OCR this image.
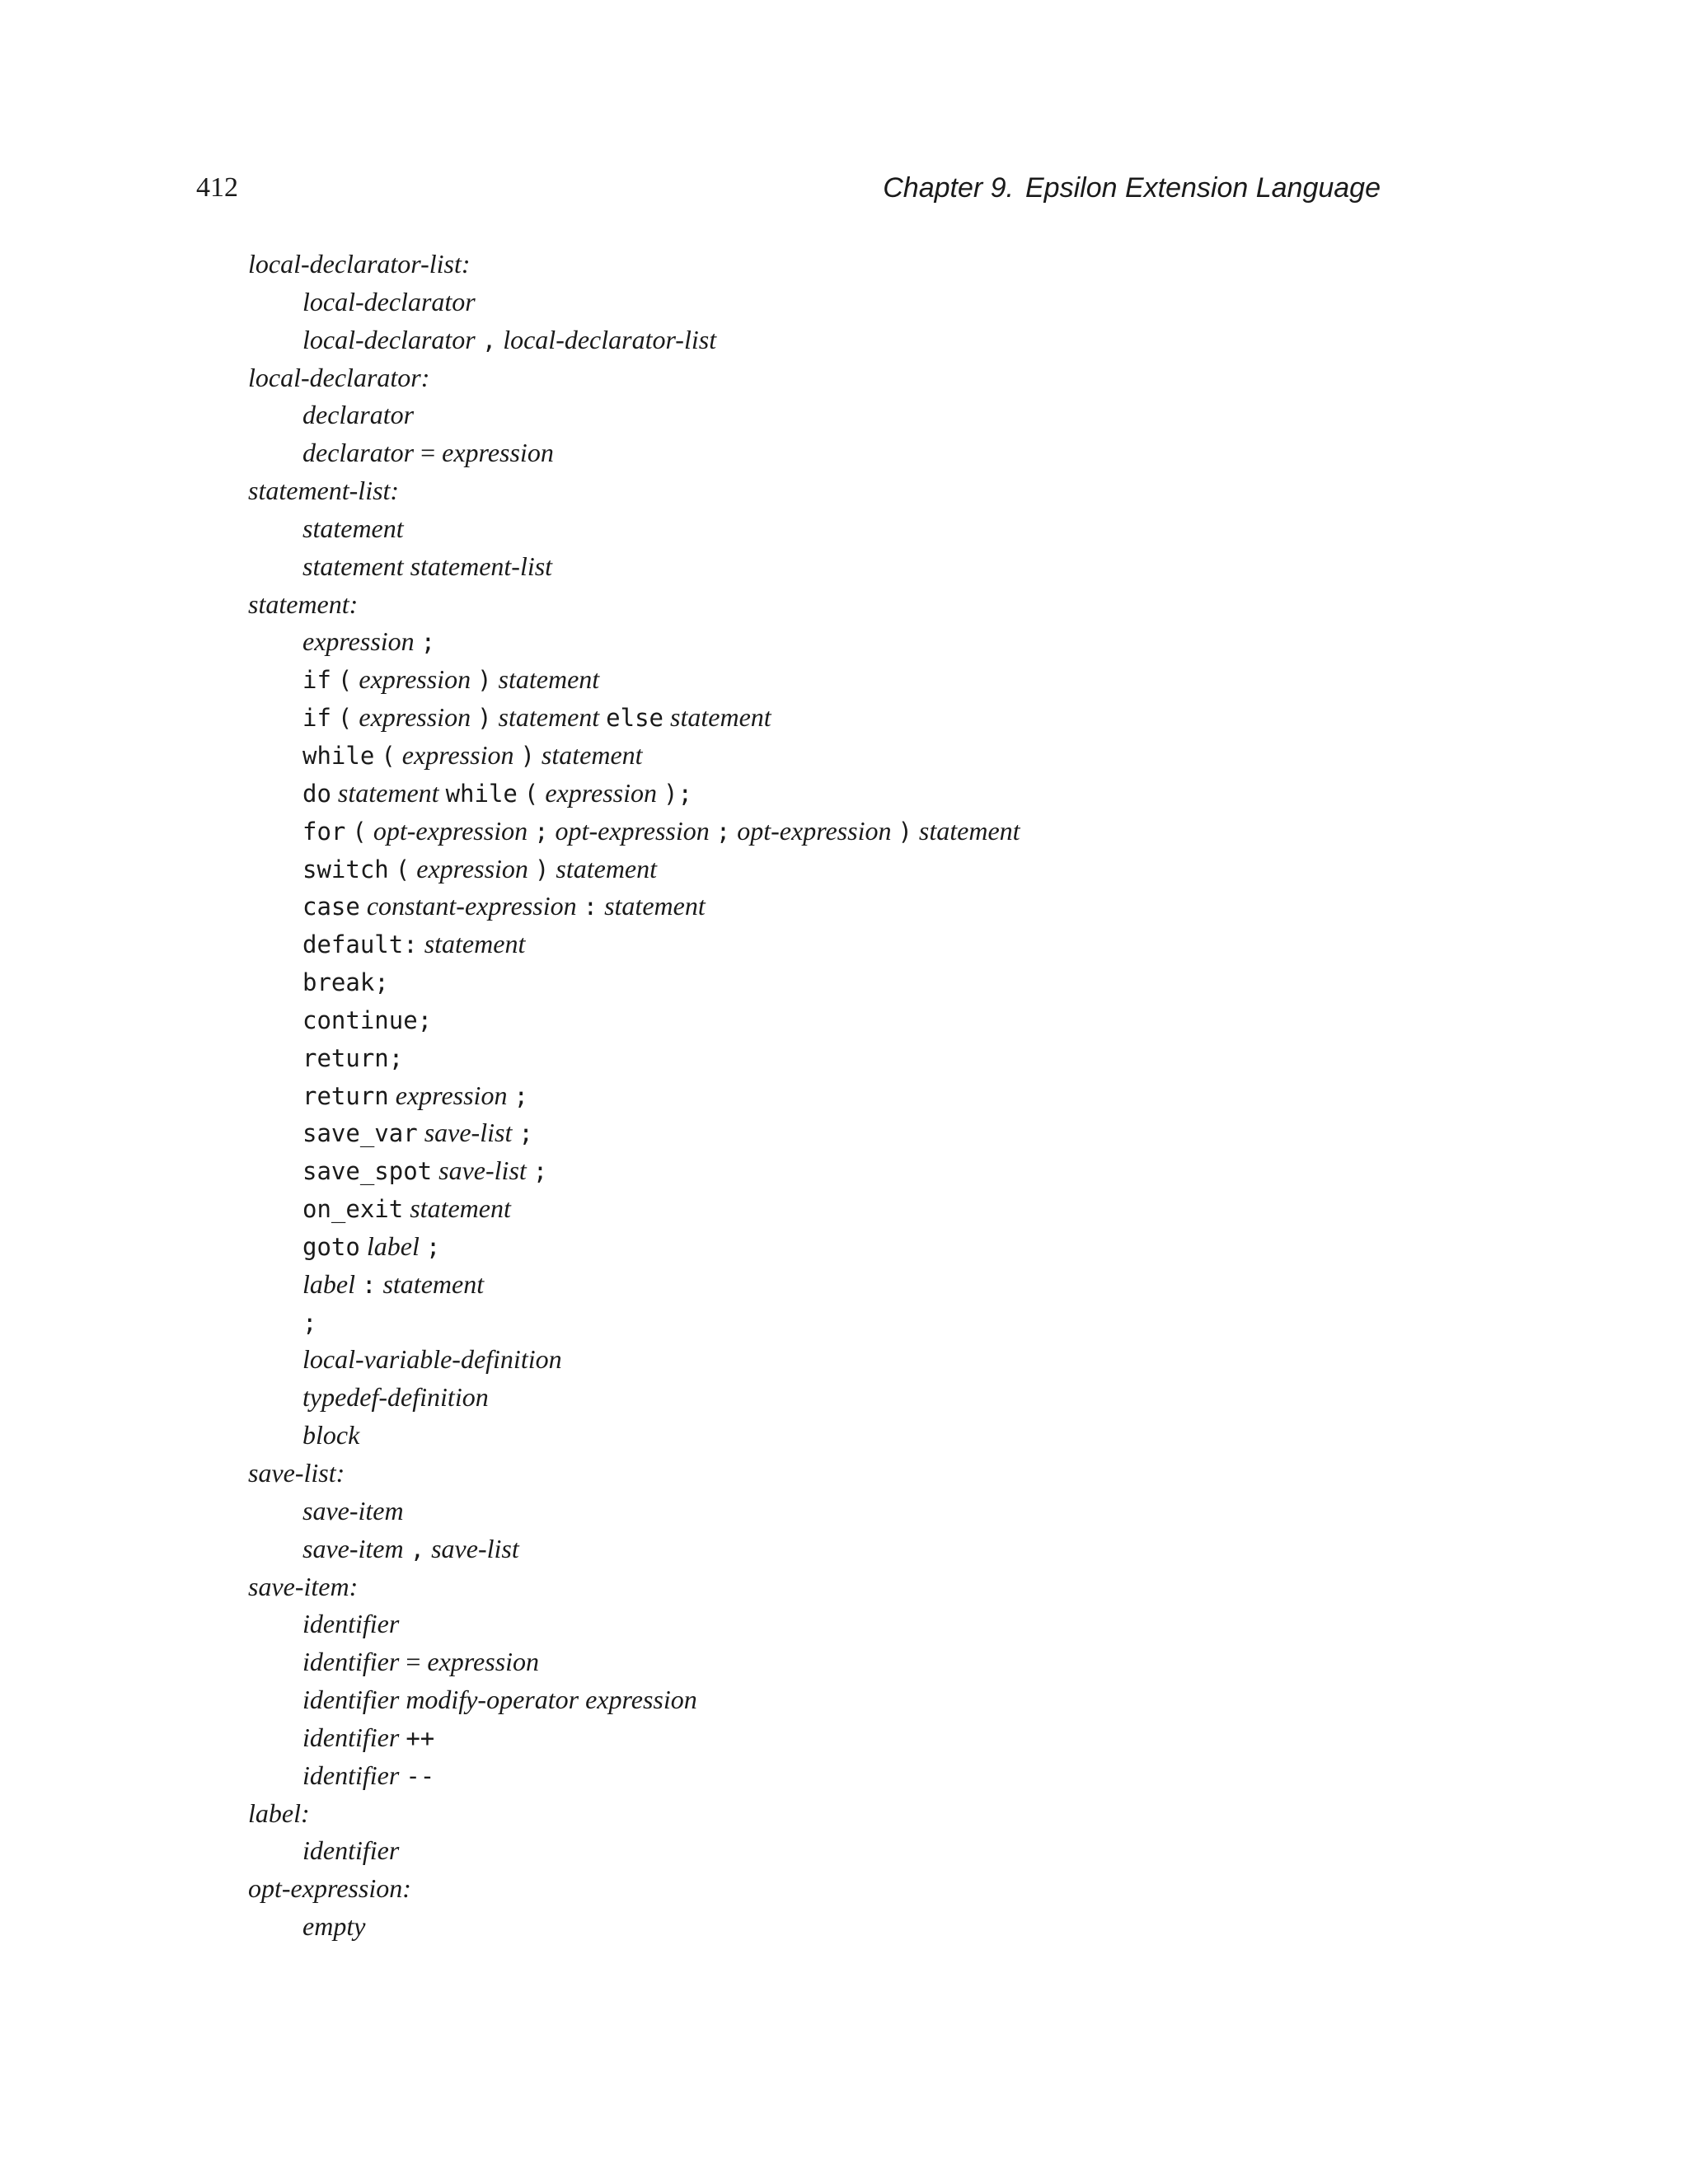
412	Chapter 9. Epsilon Extension Language
local-declarator-list:
local-declarator
local-declarator , local-declarator-list
local-declarator:
declarator
declarator = expression
statement-list:
statement
statement statement-list
statement:
expression ;
if ( expression ) statement
if ( expression ) statement else statement
while ( expression ) statement
do statement while ( expression );
for ( opt-expression ; opt-expression ; opt-expression ) statement
switch ( expression ) statement
case constant-expression : statement
default: statement
break;
continue;
return;
return expression ;
save_var save-list ;
save_spot save-list ;
on_exit statement
goto label ;
label : statement
;
local-variable-definition
typedef-definition
block
save-list:
save-item
save-item , save-list
save-item:
identifier
identifier = expression
identifier modify-operator expression
identifier ++
identifier --
label:
identifier
opt-expression:
empty
